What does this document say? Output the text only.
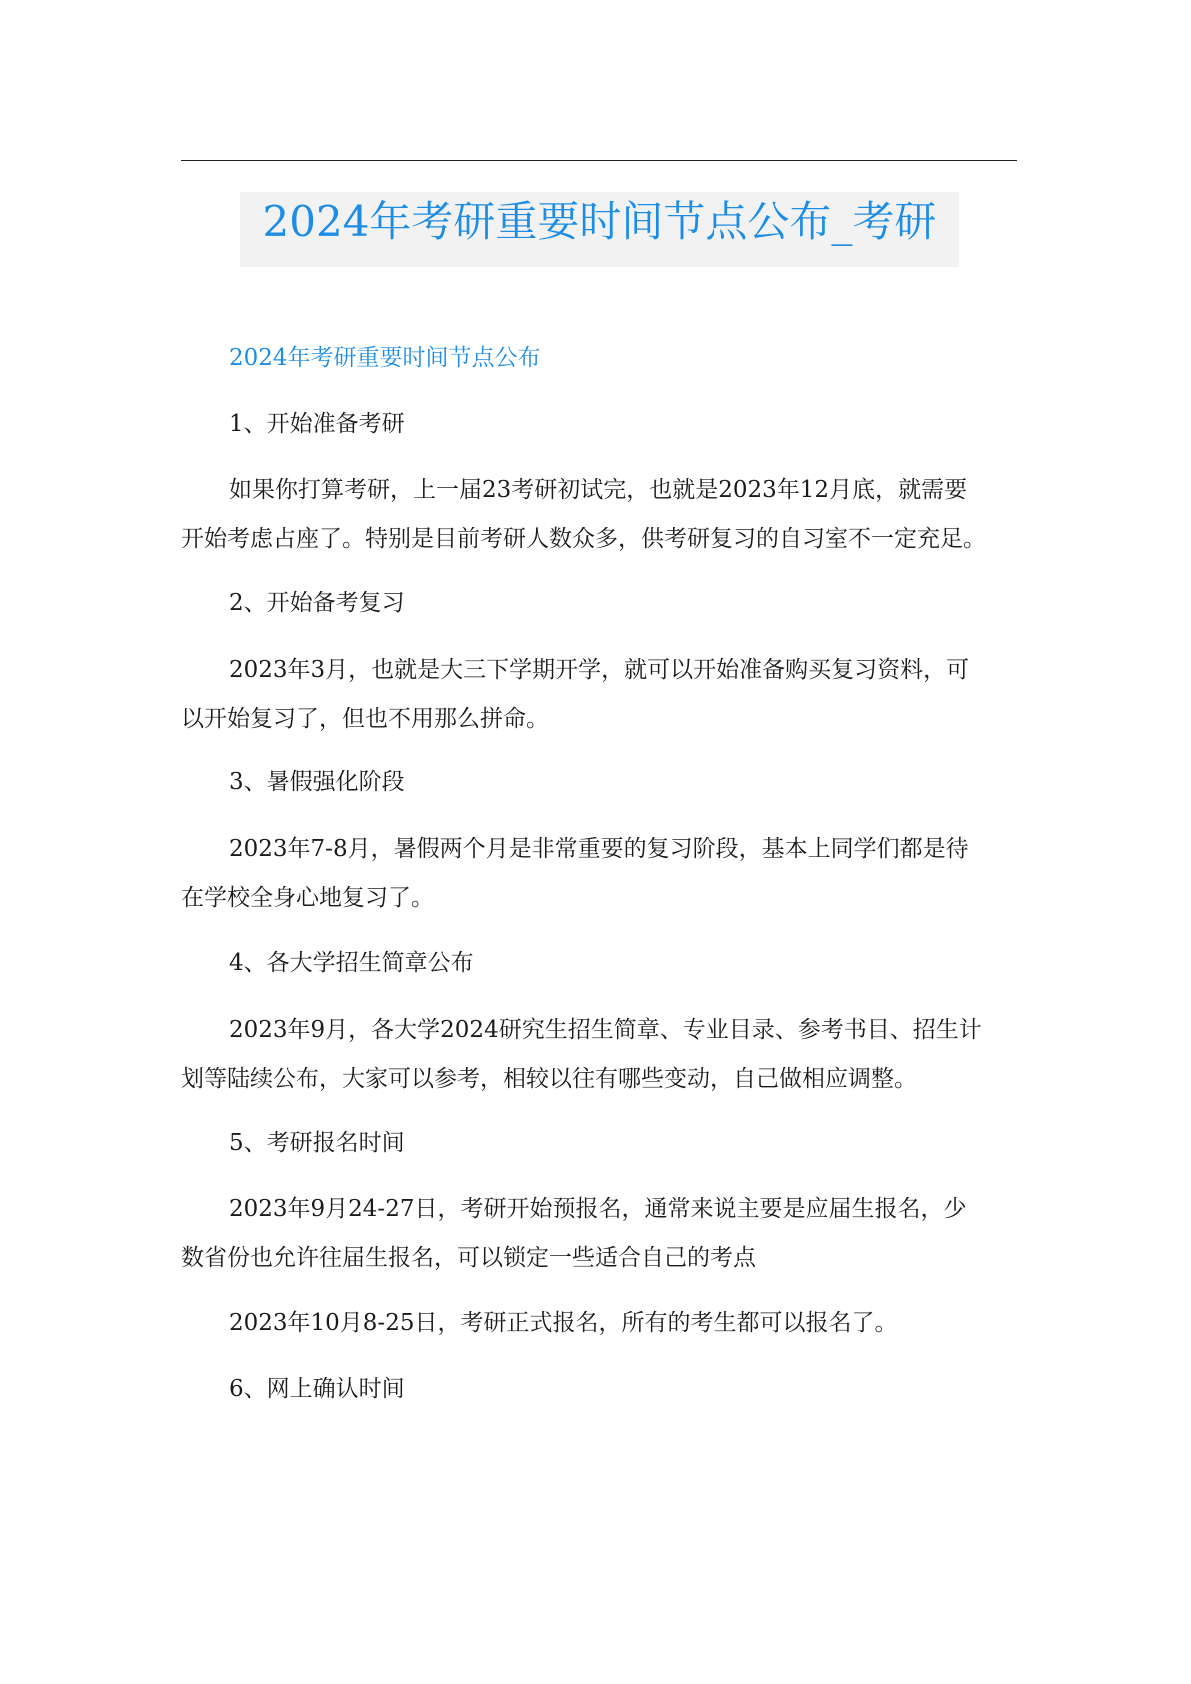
2024年考研重要时间节点公布_考研

2024年考研重要时间节点公布

1、开始准备考研

如果你打算考研，上一届23考研初试完，也就是2023年12月底，就需要
开始考虑占座了。特别是目前考研人数众多，供考研复习的自习室不一定充足。

2、开始备考复习

2023年3月，也就是大三下学期开学，就可以开始准备购买复习资料，可
以开始复习了，但也不用那么拼命。

3、暑假强化阶段

2023年7-8月，暑假两个月是非常重要的复习阶段，基本上同学们都是待
在学校全身心地复习了。

4、各大学招生简章公布

2023年9月，各大学2024研究生招生简章、专业目录、参考书目、招生计
划等陆续公布，大家可以参考，相较以往有哪些变动，自己做相应调整。

5、考研报名时间

2023年9月24-27日，考研开始预报名，通常来说主要是应届生报名，少
数省份也允许往届生报名，可以锁定一些适合自己的考点

2023年10月8-25日，考研正式报名，所有的考生都可以报名了。

6、网上确认时间
